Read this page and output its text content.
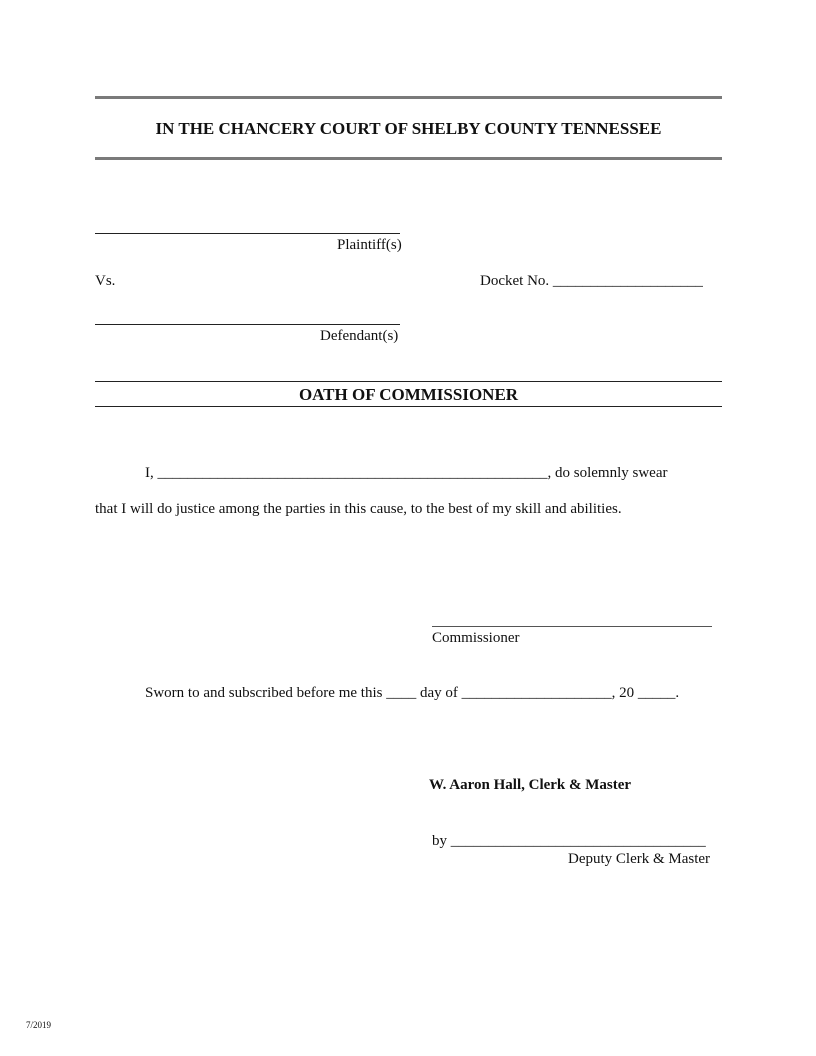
IN THE CHANCERY COURT OF SHELBY COUNTY TENNESSEE
Plaintiff(s)
Vs.	Docket No. ____________________
Defendant(s)
OATH OF COMMISSIONER
I, ____________________________________________________, do solemnly swear
that I will do justice among the parties in this cause, to the best of my skill and abilities.
Commissioner
Sworn to and subscribed before me this ____ day of ____________________, 20 _____.
W. Aaron Hall, Clerk & Master
by __________________________________
Deputy Clerk & Master
7/2019
